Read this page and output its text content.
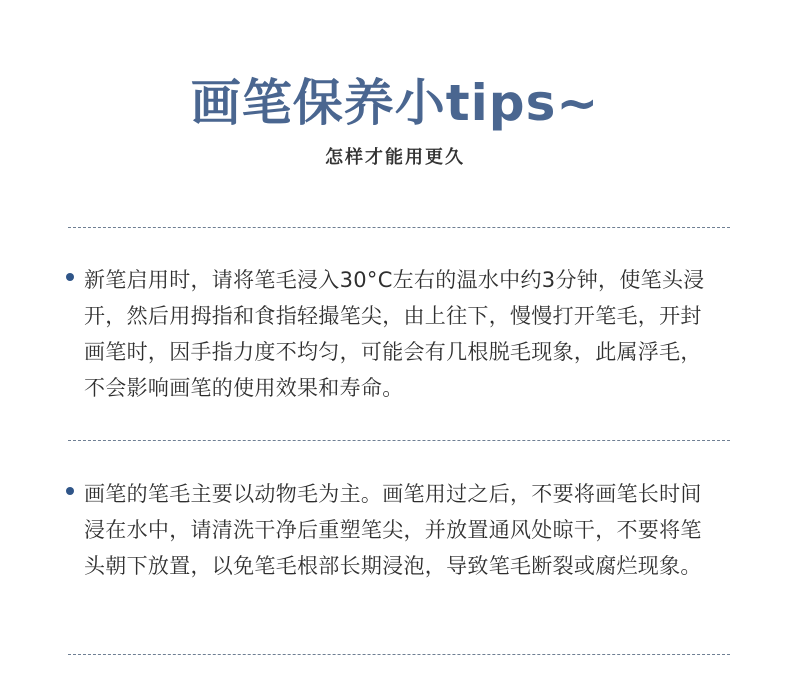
画笔保养小tips~
怎样才能用更久
新笔启用时，请将笔毛浸入30°C左右的温水中约3分钟，使笔头浸开，然后用拇指和食指轻撮笔尖，由上往下，慢慢打开笔毛，开封画笔时，因手指力度不均匀，可能会有几根脱毛现象，此属浮毛，不会影响画笔的使用效果和寿命。
画笔的笔毛主要以动物毛为主。画笔用过之后，不要将画笔长时间浸在水中，请清洗干净后重塑笔尖，并放置通风处晾干，不要将笔头朝下放置，以免笔毛根部长期浸泡，导致笔毛断裂或腐烂现象。
